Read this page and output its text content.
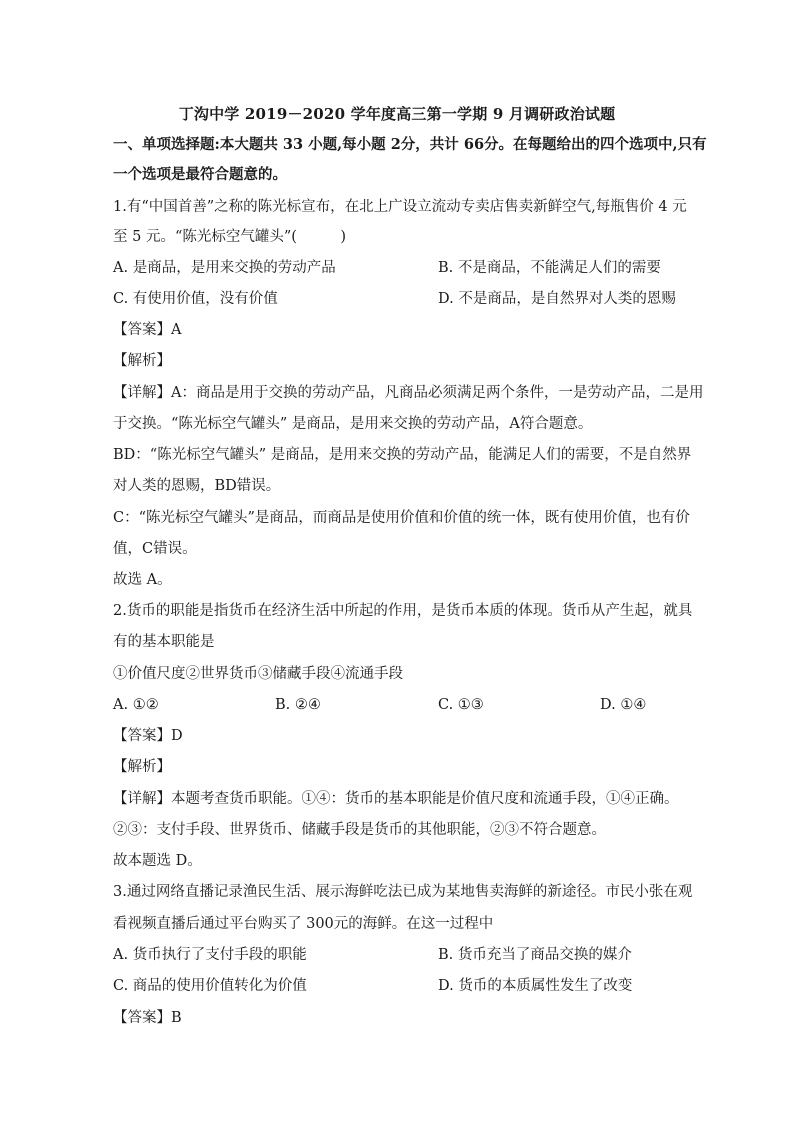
丁沟中学 2019－2020 学年度高三第一学期 9 月调研政治试题
一、单项选择题:本大题共 33 小题,每小题 2分，共计 66分。在每题给出的四个选项中,只有
一个选项是最符合题意的。
1.有“中国首善”之称的陈光标宣布，在北上广设立流动专卖店售卖新鲜空气,每瓶售价 4 元
至 5 元。“陈光标空气罐头”(　　　)
A. 是商品，是用来交换的劳动产品	B. 不是商品，不能满足人们的需要
C. 有使用价值，没有价值	D. 不是商品，是自然界对人类的恩赐
【答案】A
【解析】
【详解】A：商品是用于交换的劳动产品，凡商品必须满足两个条件，一是劳动产品，二是用
于交换。“陈光标空气罐头” 是商品，是用来交换的劳动产品，A符合题意。
BD：“陈光标空气罐头” 是商品，是用来交换的劳动产品，能满足人们的需要，不是自然界
对人类的恩赐，BD错误。
C：“陈光标空气罐头”是商品，而商品是使用价值和价值的统一体，既有使用价值，也有价
值，C错误。
故选 A。
2.货币的职能是指货币在经济生活中所起的作用，是货币本质的体现。货币从产生起，就具
有的基本职能是
①价值尺度②世界货币③储藏手段④流通手段
A. ①②	B. ②④	C. ①③	D. ①④
【答案】D
【解析】
【详解】本题考查货币职能。①④：货币的基本职能是价值尺度和流通手段，①④正确。
②③：支付手段、世界货币、储藏手段是货币的其他职能，②③不符合题意。
故本题选 D。
3.通过网络直播记录渔民生活、展示海鲜吃法已成为某地售卖海鲜的新途径。市民小张在观
看视频直播后通过平台购买了 300元的海鲜。在这一过程中
A. 货币执行了支付手段的职能	B. 货币充当了商品交换的媒介
C. 商品的使用价值转化为价值	D. 货币的本质属性发生了改变
【答案】B
